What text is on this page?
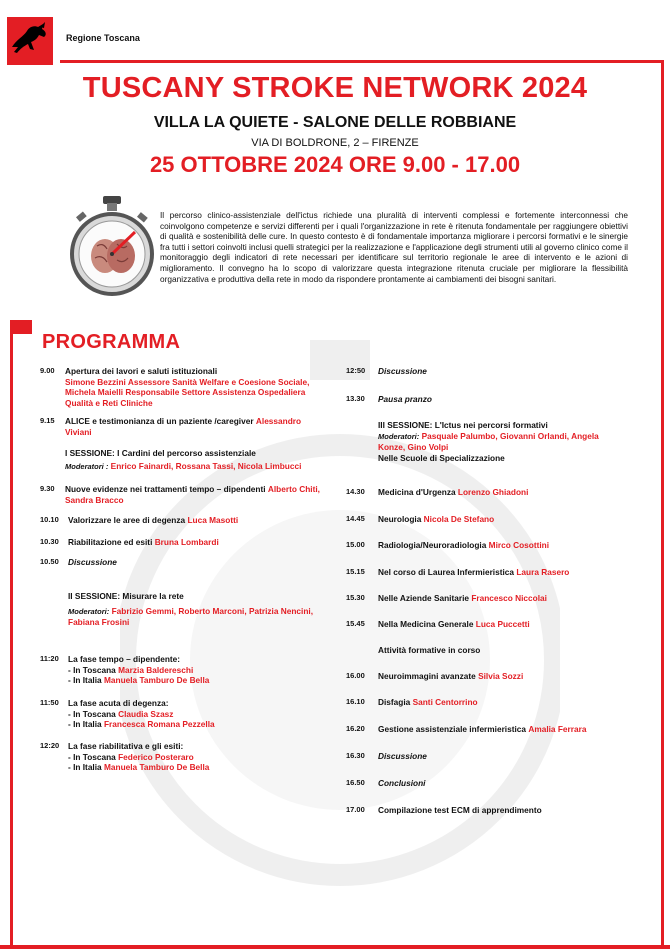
Regione Toscana
TUSCANY STROKE NETWORK 2024
VILLA LA QUIETE - SALONE DELLE ROBBIANE
VIA DI BOLDRONE, 2 – FIRENZE
25 OTTOBRE 2024 ORE 9.00 - 17.00
Il percorso clinico-assistenziale dell'ictus richiede una pluralità di interventi complessi e fortemente interconnessi che coinvolgono competenze e servizi differenti per i quali l'organizzazione in rete è ritenuta fondamentale per raggiungere obiettivi di qualità e sostenibilità delle cure. In questo contesto è di fondamentale importanza migliorare i percorsi formativi e le sinergie fra tutti i settori coinvolti inclusi quelli strategici per la realizzazione e l'applicazione degli strumenti utili al governo clinico come il monitoraggio degli indicatori di rete necessari per identificare sul territorio regionale le aree di intervento e le azioni di miglioramento. Il convegno ha lo scopo di valorizzare questa integrazione ritenuta cruciale per migliorare la flessibilità organizzativa e produttiva della rete in modo da rispondere prontamente ai cambiamenti dei bisogni sanitari.
PROGRAMMA
9.00 Apertura dei lavori e saluti istituzionali
Simone Bezzini Assessore Sanità Welfare e Coesione Sociale, Michela Maielli Responsabile Settore Assistenza Ospedaliera Qualità e Reti Cliniche
9.15 ALICE e testimonianza di un paziente /caregiver Alessandro Viviani
I SESSIONE: I Cardini del percorso assistenziale
Moderatori : Enrico Fainardi, Rossana Tassi, Nicola Limbucci
9.30 Nuove evidenze nei trattamenti tempo – dipendenti Alberto Chiti, Sandra Bracco
10.10 Valorizzare le aree di degenza Luca Masotti
10.30 Riabilitazione ed esiti Bruna Lombardi
10.50 Discussione
II SESSIONE: Misurare la rete
Moderatori: Fabrizio Gemmi, Roberto Marconi, Patrizia Nencini, Fabiana Frosini
11:20 La fase tempo – dipendente:
- In Toscana Marzia Baldereschi
- In Italia Manuela Tamburo De Bella
11:50 La fase acuta di degenza:
- In Toscana Claudia Szasz
- In Italia Francesca Romana Pezzella
12:20 La fase riabilitativa e gli esiti:
- In Toscana Federico Posteraro
- In Italia Manuela Tamburo De Bella
12:50 Discussione
13.30 Pausa pranzo
III SESSIONE: L'Ictus nei percorsi formativi
Moderatori: Pasquale Palumbo, Giovanni Orlandi, Angela Konze, Gino Volpi
Nelle Scuole di Specializzazione
14.30 Medicina d'Urgenza Lorenzo Ghiadoni
14.45 Neurologia Nicola De Stefano
15.00 Radiologia/Neuroradiologia Mirco Cosottini
15.15 Nel corso di Laurea Infermieristica Laura Rasero
15.30 Nelle Aziende Sanitarie Francesco Niccolai
15.45 Nella Medicina Generale Luca Puccetti
Attività formative in corso
16.00 Neuroimmagini avanzate Silvia Sozzi
16.10 Disfagia Santi Centorrino
16.20 Gestione assistenziale infermieristica Amalia Ferrara
16.30 Discussione
16.50 Conclusioni
17.00 Compilazione test ECM di apprendimento
